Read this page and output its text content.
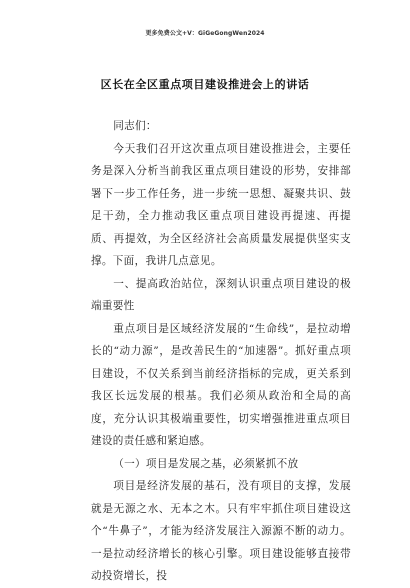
更多免费公文+V：GiGeGongWen2024
区长在全区重点项目建设推进会上的讲话

同志们：

今天我们召开这次重点项目建设推进会，主要任务是深入分析当前我区重点项目建设的形势，安排部署下一步工作任务，进一步统一思想、凝聚共识、鼓足干劲，全力推动我区重点项目建设再提速、再提质、再提效，为全区经济社会高质量发展提供坚实支撑。下面，我讲几点意见。

一、提高政治站位，深刻认识重点项目建设的极端重要性

重点项目是区域经济发展的“生命线”，是拉动增长的“动力源”，是改善民生的“加速器”。抓好重点项目建设，不仅关系到当前经济指标的完成，更关系到我区长远发展的根基。我们必须从政治和全局的高度，充分认识其极端重要性，切实增强推进重点项目建设的责任感和紧迫感。

（一）项目是发展之基，必须紧抓不放

项目是经济发展的基石，没有项目的支撑，发展就是无源之水、无本之木。只有牢牢抓住项目建设这个“牛鼻子”，才能为经济发展注入源源不断的动力。一是拉动经济增长的核心引擎。项目建设能够直接带动投资增长，投
